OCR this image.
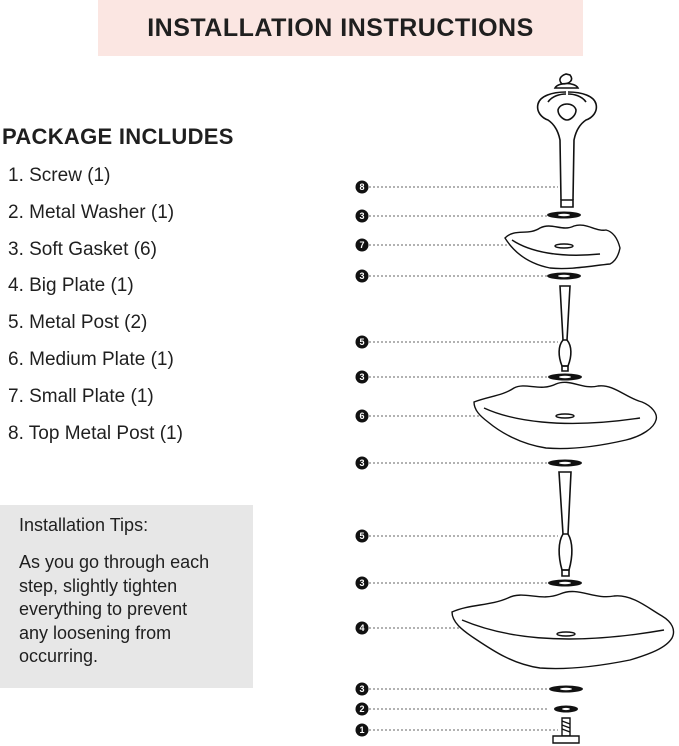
INSTALLATION INSTRUCTIONS
PACKAGE INCLUDES
1. Screw (1)
2. Metal Washer (1)
3. Soft Gasket (6)
4. Big Plate (1)
5. Metal Post (2)
6. Medium Plate (1)
7. Small Plate (1)
8. Top Metal Post (1)

Installation Tips:

As you go through each
step, slightly tighten
everything to prevent
any loosening from
occurring.

8
3
7
3
5
3
6
3
5
3
4
3
2
1
